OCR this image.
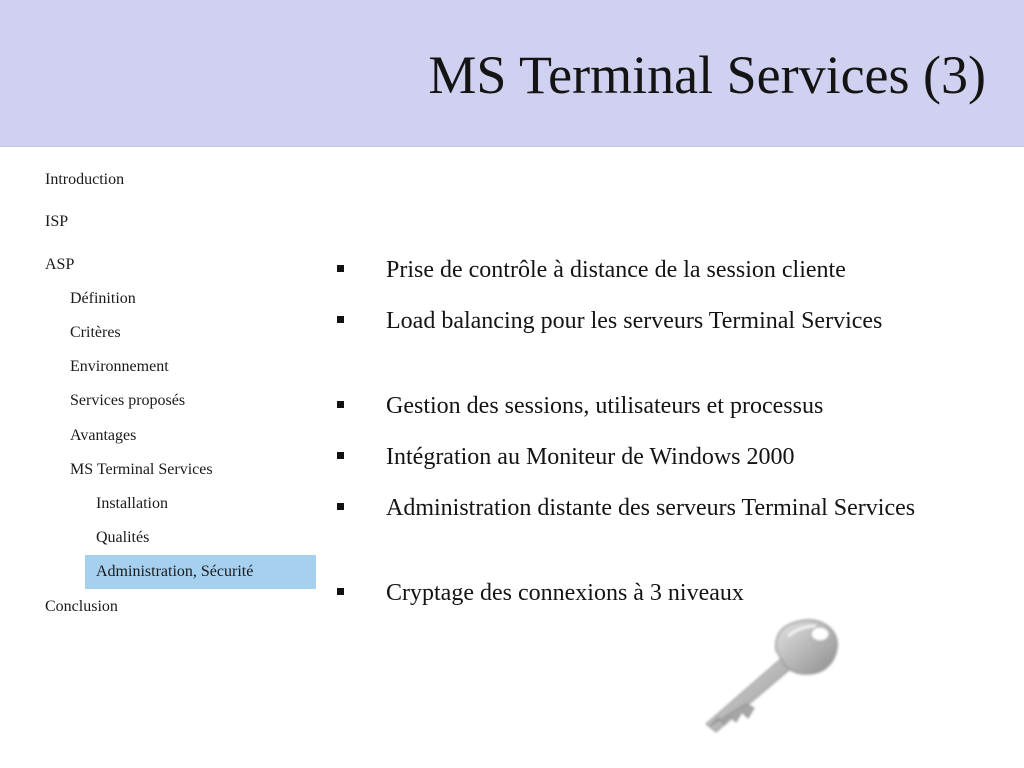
MS Terminal Services (3)
Introduction
ISP
ASP
Définition
Critères
Environnement
Services proposés
Avantages
MS Terminal Services
Installation
Qualités
Administration, Sécurité
Conclusion
Prise de contrôle à distance de la session cliente
Load balancing pour les serveurs Terminal Services
Gestion des sessions, utilisateurs et processus
Intégration au Moniteur de Windows 2000
Administration distante des serveurs Terminal Services
Cryptage des connexions à 3 niveaux
